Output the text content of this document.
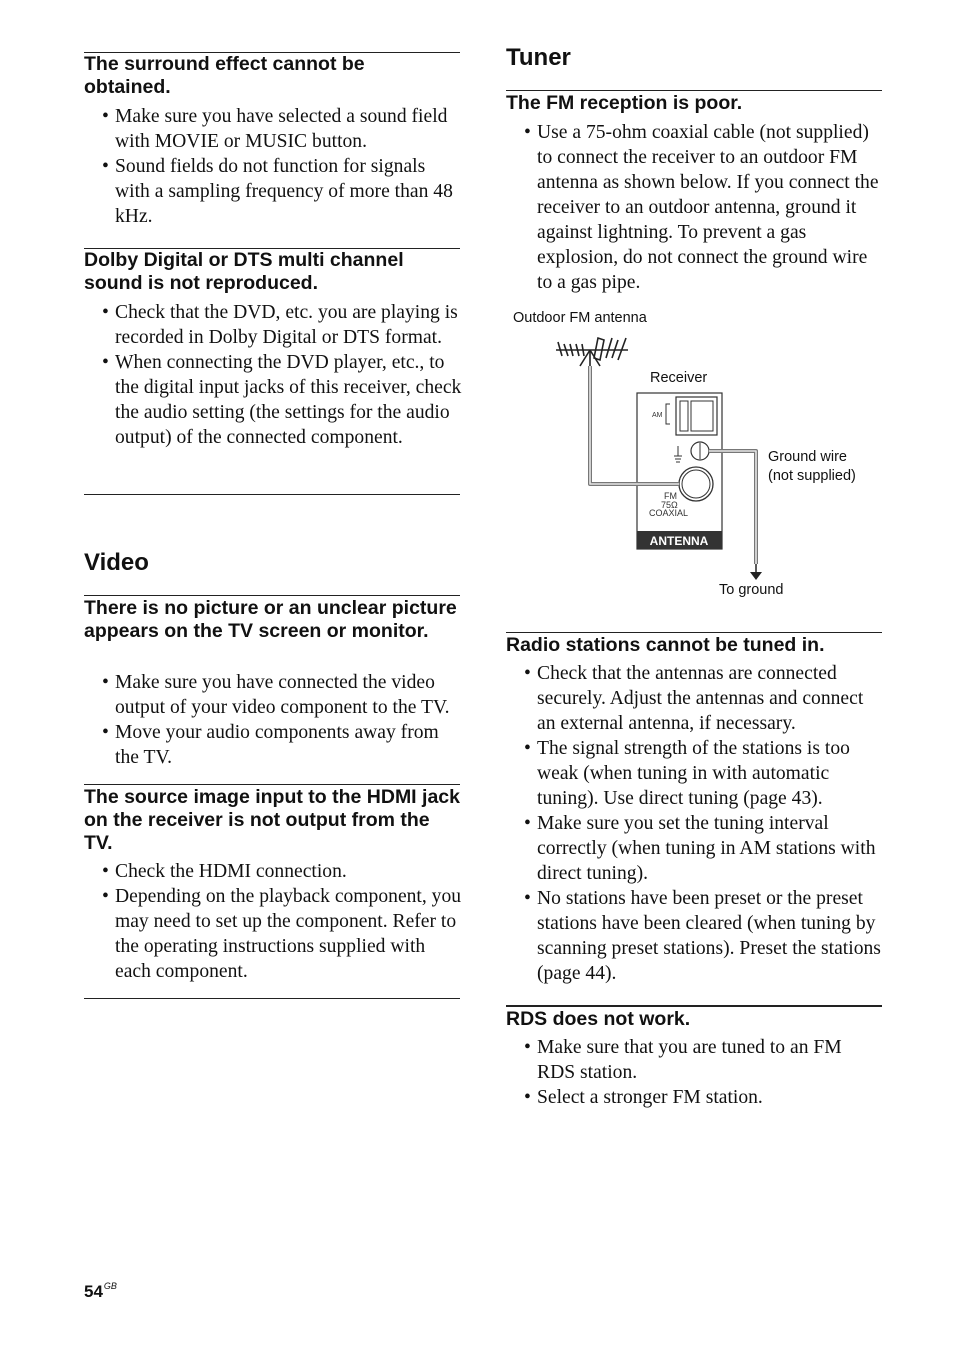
The surround effect cannot be obtained.
• Make sure you have selected a sound field with MOVIE or MUSIC button.
• Sound fields do not function for signals with a sampling frequency of more than 48 kHz.
Dolby Digital or DTS multi channel sound is not reproduced.
• Check that the DVD, etc. you are playing is recorded in Dolby Digital or DTS format.
• When connecting the DVD player, etc., to the digital input jacks of this receiver, check the audio setting (the settings for the audio output) of the connected component.
Video
There is no picture or an unclear picture appears on the TV screen or monitor.
• Make sure you have connected the video output of your video component to the TV.
• Move your audio components away from the TV.
The source image input to the HDMI jack on the receiver is not output from the TV.
• Check the HDMI connection.
• Depending on the playback component, you may need to set up the component. Refer to the operating instructions supplied with each component.
Tuner
The FM reception is poor.
• Use a 75-ohm coaxial cable (not supplied) to connect the receiver to an outdoor FM antenna as shown below. If you connect the receiver to an outdoor antenna, ground it against lightning. To prevent a gas explosion, do not connect the ground wire to a gas pipe.
Outdoor FM antenna
Receiver
Ground wire
(not supplied)
To ground
AM
FM
75Ω
COAXIAL
ANTENNA
Radio stations cannot be tuned in.
• Check that the antennas are connected securely. Adjust the antennas and connect an external antenna, if necessary.
• The signal strength of the stations is too weak (when tuning in with automatic tuning). Use direct tuning (page 43).
• Make sure you set the tuning interval correctly (when tuning in AM stations with direct tuning).
• No stations have been preset or the preset stations have been cleared (when tuning by scanning preset stations). Preset the stations (page 44).
RDS does not work.
• Make sure that you are tuned to an FM RDS station.
• Select a stronger FM station.
$54^{GB}$
